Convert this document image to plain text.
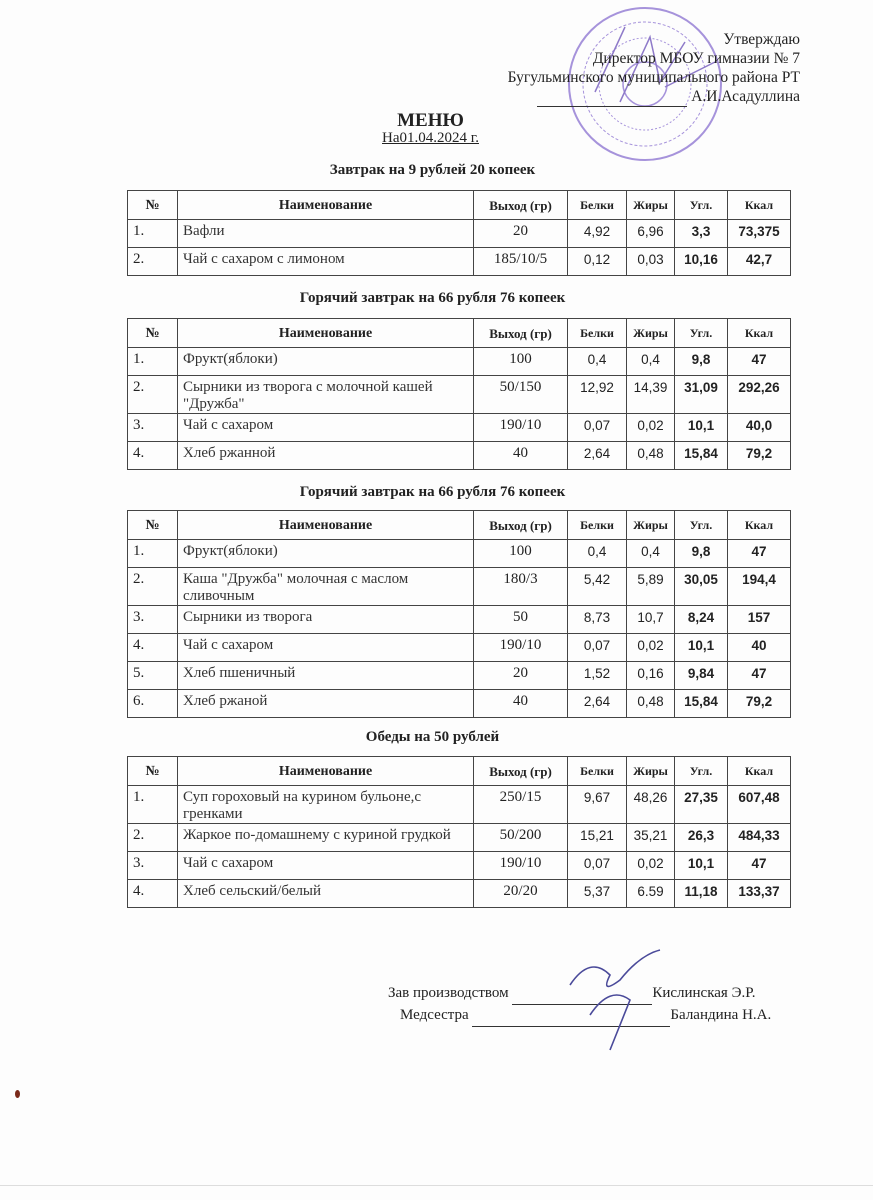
Утверждаю
Директор МБОУ гимназии № 7
Бугульминского муниципального района РТ
А.И.Асадуллина
МЕНЮ
На01.04.2024 г.
Завтрак на 9 рублей 20 копеек
№	Наименование	Выход (гр)	Белки	Жиры	Угл.	Ккал
1.	Вафли	20	4,92	6,96	3,3	73,375
2.	Чай с сахаром с лимоном	185/10/5	0,12	0,03	10,16	42,7
Горячий завтрак на 66 рубля 76 копеек
№	Наименование	Выход (гр)	Белки	Жиры	Угл.	Ккал
1.	Фрукт(яблоки)	100	0,4	0,4	9,8	47
2.	Сырники из творога с молочной кашей "Дружба"	50/150	12,92	14,39	31,09	292,26
3.	Чай с сахаром	190/10	0,07	0,02	10,1	40,0
4.	Хлеб ржанной	40	2,64	0,48	15,84	79,2
Горячий завтрак на 66 рубля 76 копеек
№	Наименование	Выход (гр)	Белки	Жиры	Угл.	Ккал
1.	Фрукт(яблоки)	100	0,4	0,4	9,8	47
2.	Каша "Дружба" молочная с маслом сливочным	180/3	5,42	5,89	30,05	194,4
3.	Сырники из творога	50	8,73	10,7	8,24	157
4.	Чай с сахаром	190/10	0,07	0,02	10,1	40
5.	Хлеб пшеничный	20	1,52	0,16	9,84	47
6.	Хлеб ржаной	40	2,64	0,48	15,84	79,2
Обеды на 50 рублей
№	Наименование	Выход (гр)	Белки	Жиры	Угл.	Ккал
1.	Суп гороховый на курином бульоне,с гренками	250/15	9,67	48,26	27,35	607,48
2.	Жаркое по-домашнему с куриной грудкой	50/200	15,21	35,21	26,3	484,33
3.	Чай с сахаром	190/10	0,07	0,02	10,1	47
4.	Хлеб сельский/белый	20/20	5,37	6.59	11,18	133,37
Зав производством	Кислинская Э.Р.
Медсестра	Баландина Н.А.
